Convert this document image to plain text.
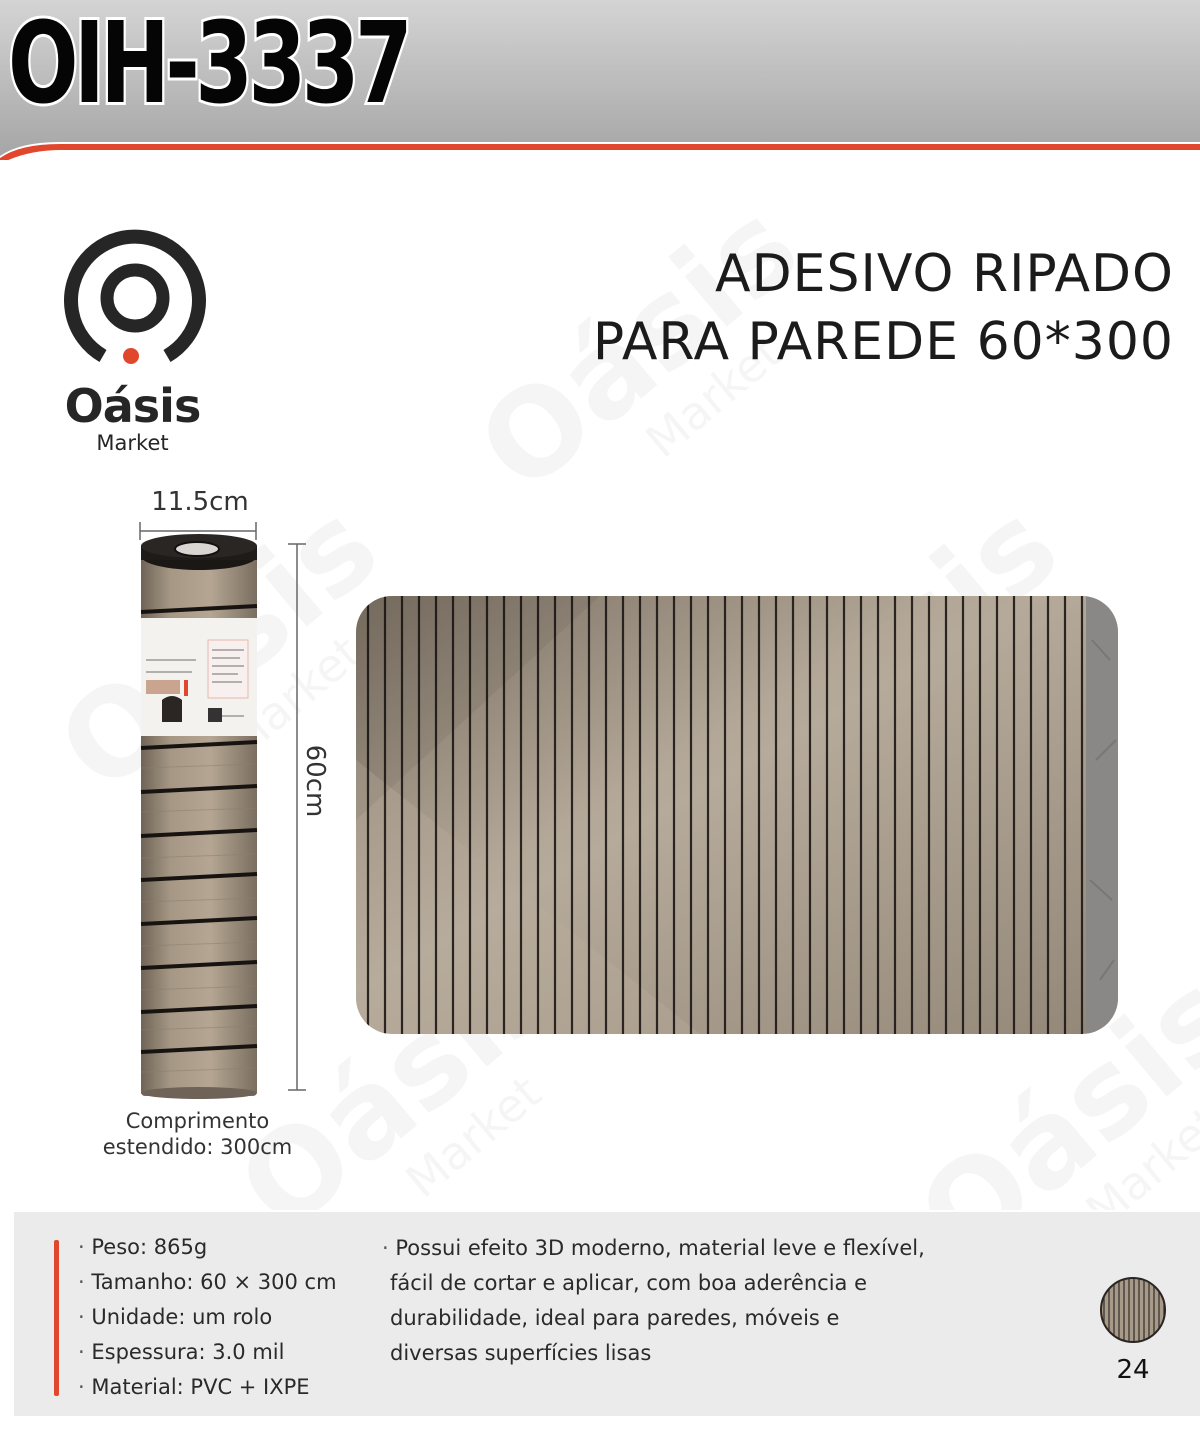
OIH-3337
Oásis
Market
ADESIVO RIPADO
PARA PAREDE 60*300
11.5cm
60cm
Comprimento
estendido: 300cm
· Peso: 865g
· Tamanho: 60 × 300 cm
· Unidade: um rolo
· Espessura: 3.0 mil
· Material: PVC + IXPE
· Possui efeito 3D moderno, material leve e flexível,
fácil de cortar e aplicar, com boa aderência e
durabilidade, ideal para paredes, móveis e
diversas superfícies lisas
24
